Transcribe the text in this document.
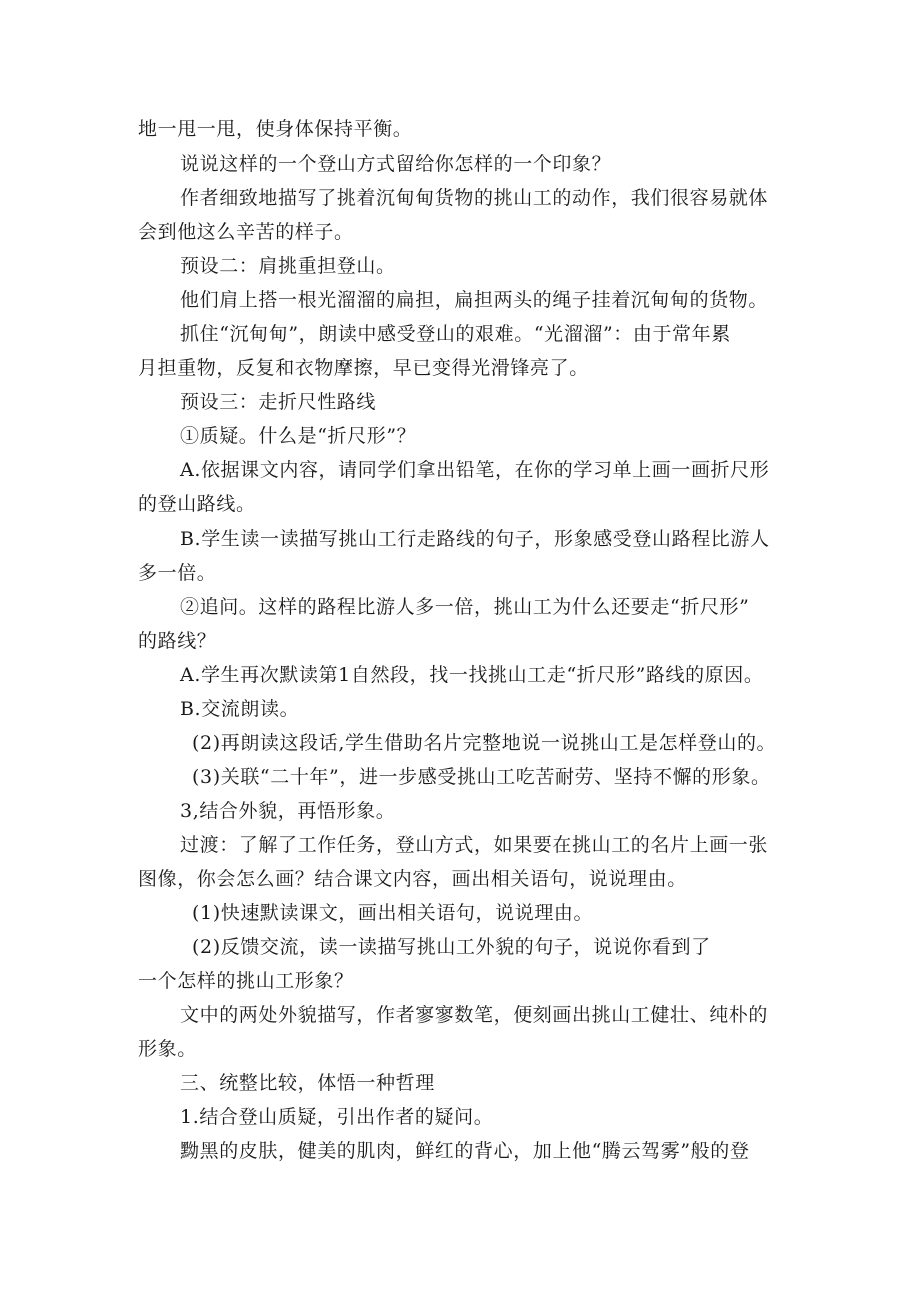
地一甩一甩，使身体保持平衡。
说说这样的一个登山方式留给你怎样的一个印象？
作者细致地描写了挑着沉甸甸货物的挑山工的动作，我们很容易就体
会到他这么辛苦的样子。
预设二：肩挑重担登山。
他们肩上搭一根光溜溜的扁担，扁担两头的绳子挂着沉甸甸的货物。
抓住“沉甸甸”，朗读中感受登山的艰难。“光溜溜”：由于常年累
月担重物，反复和衣物摩擦，早已变得光滑锋亮了。
预设三：走折尺性路线
①质疑。什么是“折尺形”？
A.依据课文内容，请同学们拿出铅笔，在你的学习单上画一画折尺形
的登山路线。
B.学生读一读描写挑山工行走路线的句子，形象感受登山路程比游人
多一倍。
②追问。这样的路程比游人多一倍，挑山工为什么还要走“折尺形”
的路线？
A.学生再次默读第1自然段，找一找挑山工走“折尺形”路线的原因。
B.交流朗读。
(2)再朗读这段话,学生借助名片完整地说一说挑山工是怎样登山的。
(3)关联“二十年”，进一步感受挑山工吃苦耐劳、坚持不懈的形象。
3,结合外貌，再悟形象。
过渡：了解了工作任务，登山方式，如果要在挑山工的名片上画一张
图像，你会怎么画？结合课文内容，画出相关语句，说说理由。
(1)快速默读课文，画出相关语句，说说理由。
(2)反馈交流，读一读描写挑山工外貌的句子，说说你看到了
一个怎样的挑山工形象？
文中的两处外貌描写，作者寥寥数笔，便刻画出挑山工健壮、纯朴的
形象。
三、统整比较，体悟一种哲理
1.结合登山质疑，引出作者的疑问。
黝黑的皮肤，健美的肌肉，鲜红的背心，加上他“腾云驾雾”般的登
